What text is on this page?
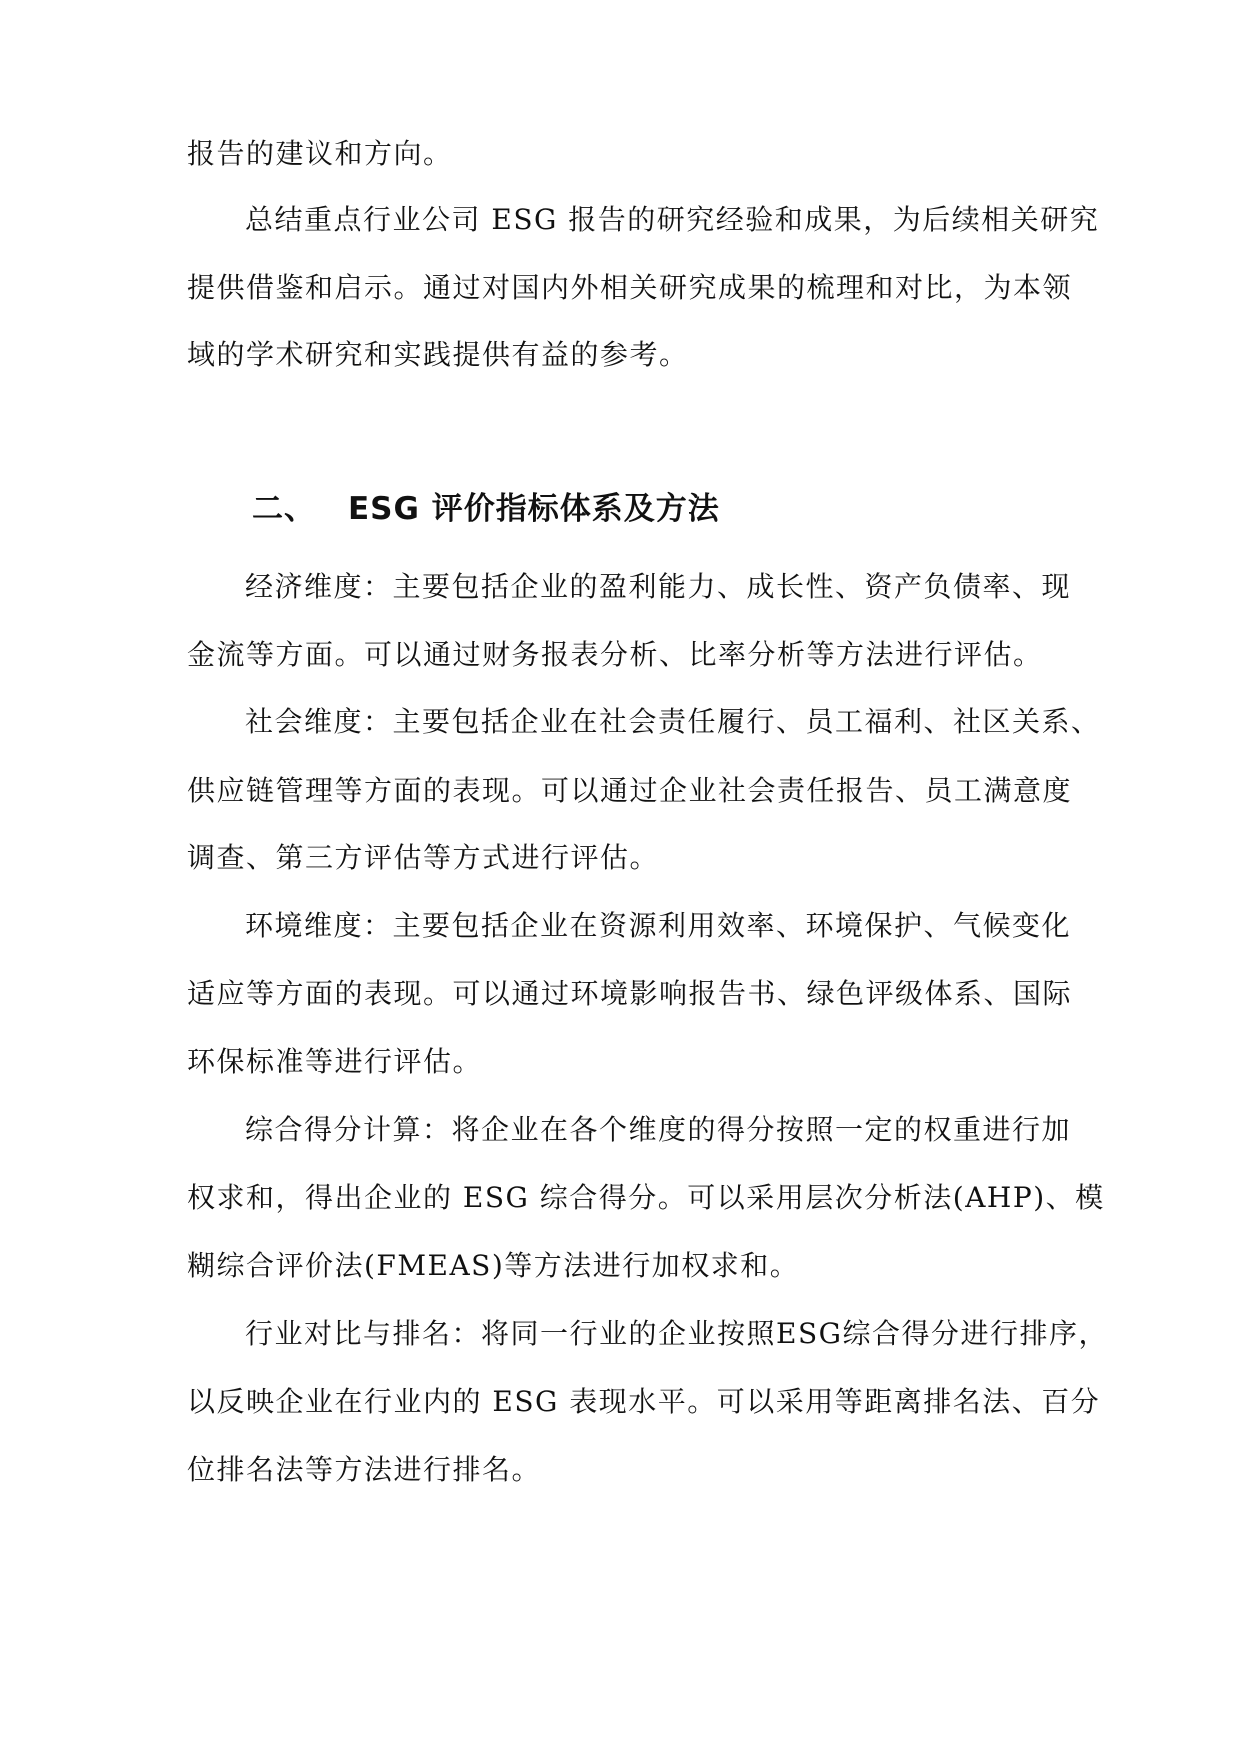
报告的建议和方向。
总结重点行业公司 ESG 报告的研究经验和成果，为后续相关研究
提供借鉴和启示。通过对国内外相关研究成果的梳理和对比，为本领
域的学术研究和实践提供有益的参考。
二、 ESG 评价指标体系及方法
经济维度：主要包括企业的盈利能力、成长性、资产负债率、现
金流等方面。可以通过财务报表分析、比率分析等方法进行评估。
社会维度：主要包括企业在社会责任履行、员工福利、社区关系、
供应链管理等方面的表现。可以通过企业社会责任报告、员工满意度
调查、第三方评估等方式进行评估。
环境维度：主要包括企业在资源利用效率、环境保护、气候变化
适应等方面的表现。可以通过环境影响报告书、绿色评级体系、国际
环保标准等进行评估。
综合得分计算：将企业在各个维度的得分按照一定的权重进行加
权求和，得出企业的 ESG 综合得分。可以采用层次分析法(AHP)、模
糊综合评价法(FMEAS)等方法进行加权求和。
行业对比与排名：将同一行业的企业按照ESG综合得分进行排序，
以反映企业在行业内的 ESG 表现水平。可以采用等距离排名法、百分
位排名法等方法进行排名。
